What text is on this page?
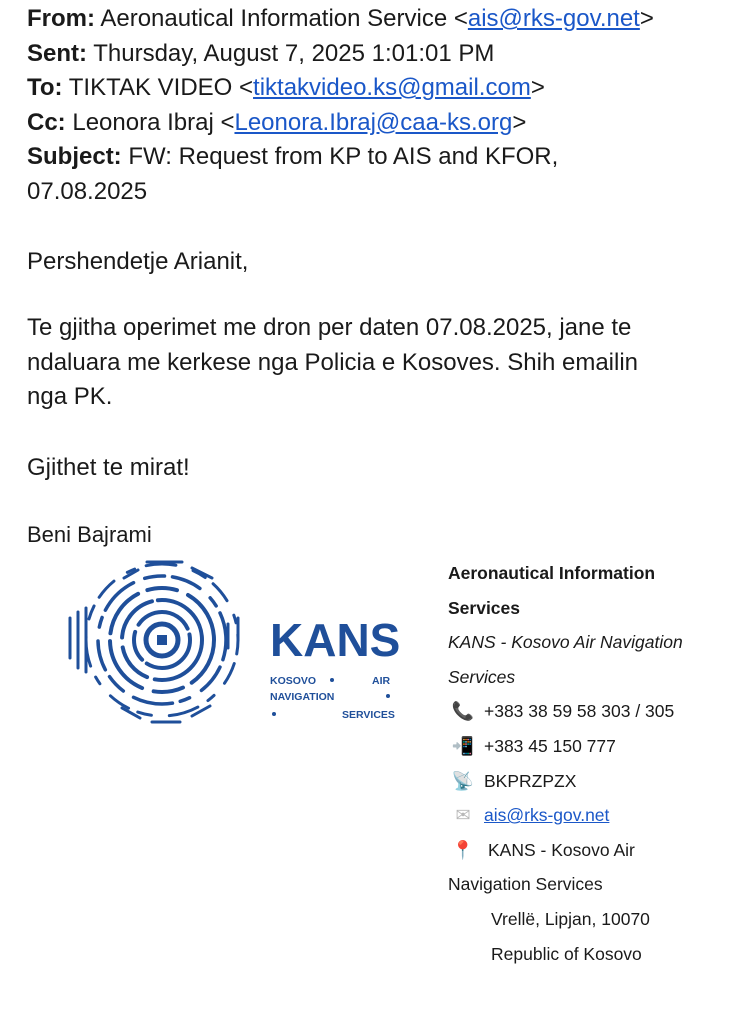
From: Aeronautical Information Service <ais@rks-gov.net>
Sent: Thursday, August 7, 2025 1:01:01 PM
To: TIKTAK VIDEO <tiktakvideo.ks@gmail.com>
Cc: Leonora Ibraj <Leonora.Ibraj@caa-ks.org>
Subject: FW: Request from KP to AIS and KFOR,
07.08.2025
Pershendetje Arianit,
Te gjitha operimet me dron per daten 07.08.2025, jane te
ndaluara me kerkese nga Policia e Kosoves. Shih emailin
nga PK.
Gjithet te mirat!
Beni Bajrami
KANS
KOSOVO	AIR
NAVIGATION
SERVICES
Aeronautical Information
Services
KANS - Kosovo Air Navigation
Services
📞 +383 38 59 58 303 / 305
📲 +383 45 150 777
📡 BKPRZPZX
✉ ais@rks-gov.net
📍 KANS - Kosovo Air
Navigation Services
Vrellë, Lipjan, 10070
Republic of Kosovo
